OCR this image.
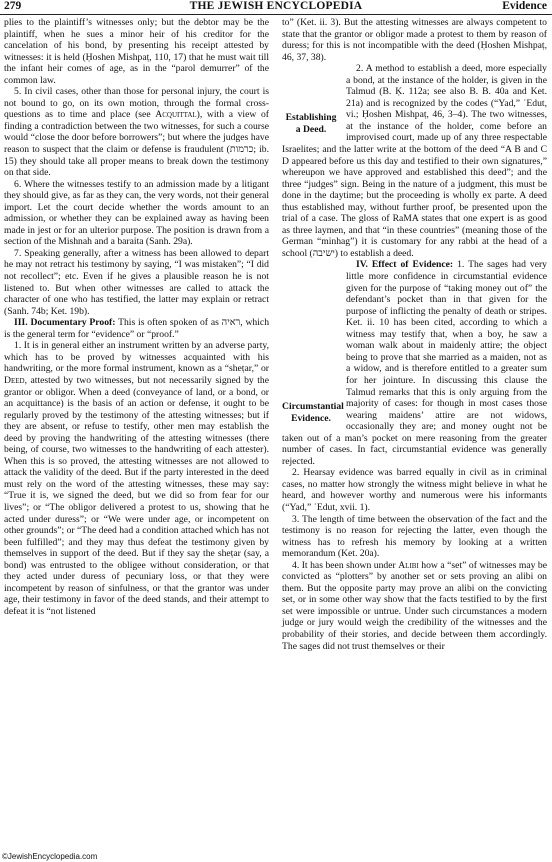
279	THE JEWISH ENCYCLOPEDIA	Evidence

plies to the plaintiff’s witnesses only; but the debtor may be the plaintiff, when he sues a minor heir of his creditor for the cancelation of his bond, by presenting his receipt attested by witnesses: it is held (Ḥoshen Mishpaṭ, 110, 17) that he must wait till the infant heir comes of age, as in the “parol demurrer” of the common law.

5. In civil cases, other than those for personal injury, the court is not bound to go, on its own motion, through the formal cross-questions as to time and place (see Acquittal), with a view of finding a contradiction between the two witnesses, for such a course would “close the door before borrowers”; but where the judges have reason to suspect that the claim or defense is fraudulent (כרמות; ib. 15) they should take all proper means to break down the testimony on that side.

6. Where the witnesses testify to an admission made by a litigant they should give, as far as they can, the very words, not their general import. Let the court decide whether the words amount to an admission, or whether they can be explained away as having been made in jest or for an ulterior purpose. The position is drawn from a section of the Mishnah and a baraita (Sanh. 29a).

7. Speaking generally, after a witness has been allowed to depart he may not retract his testimony by saying, “I was mistaken”; “I did not recollect”; etc. Even if he gives a plausible reason he is not listened to. But when other witnesses are called to attack the character of one who has testified, the latter may explain or retract (Sanh. 74b; Ket. 19b).

III. Documentary Proof: This is often spoken of as ראיה, which is the general term for “evidence” or “proof.”

1. It is in general either an instrument written by an adverse party, which has to be proved by witnesses acquainted with his handwriting, or the more formal instrument, known as a “sheṭar,” or Deed, attested by two witnesses, but not necessarily signed by the grantor or obligor. When a deed (conveyance of land, or a bond, or an acquittance) is the basis of an action or defense, it ought to be regularly proved by the testimony of the attesting witnesses; but if they are absent, or refuse to testify, other men may establish the deed by proving the handwriting of the attesting witnesses (there being, of course, two witnesses to the handwriting of each attester). When this is so proved, the attesting witnesses are not allowed to attack the validity of the deed. But if the party interested in the deed must rely on the word of the attesting witnesses, these may say: “True it is, we signed the deed, but we did so from fear for our lives”; or “The obligor delivered a protest to us, showing that he acted under duress”; or “We were under age, or incompetent on other grounds”; or “The deed had a condition attached which has not been fulfilled”; and they may thus defeat the testimony given by themselves in support of the deed. But if they say the sheṭar (say, a bond) was entrusted to the obligee without consideration, or that they acted under duress of pecuniary loss, or that they were incompetent by reason of sinfulness, or that the grantor was under age, their testimony in favor of the deed stands, and their attempt to defeat it is “not listened

to” (Ket. ii. 3). But the attesting witnesses are always competent to state that the grantor or obligor made a protest to them by reason of duress; for this is not incompatible with the deed (Ḥoshen Mishpaṭ, 46, 37, 38).

Establishing
a Deed.

2. A method to establish a deed, more especially a bond, at the instance of the holder, is given in the Talmud (B. Ḳ. 112a; see also B. B. 40a and Ket. 21a) and is recognized by the codes (“Yad,” ʿEdut, vi.; Ḥoshen Mishpaṭ, 46, 3–4). The two witnesses, at the instance of the holder, come before an improvised court, made up of any three respectable Israelites; and the latter write at the bottom of the deed “A B and C D appeared before us this day and testified to their own signatures,” whereupon we have approved and established this deed”; and the three “judges” sign. Being in the nature of a judgment, this must be done in the daytime; but the proceeding is wholly ex parte. A deed thus established may, without further proof, be presented upon the trial of a case. The gloss of RaMA states that one expert is as good as three laymen, and that “in these countries” (meaning those of the German “minhag”) it is customary for any rabbi at the head of a school (ישיבה) to establish a deed.

Circumstantial
Evidence.

IV. Effect of Evidence: 1. The sages had very little more confidence in circumstantial evidence given for the purpose of “taking money out of” the defendant’s pocket than in that given for the purpose of inflicting the penalty of death or stripes. Ket. ii. 10 has been cited, according to which a witness may testify that, when a boy, he saw a woman walk about in maidenly attire; the object being to prove that she married as a maiden, not as a widow, and is therefore entitled to a greater sum for her jointure. In discussing this clause the Talmud remarks that this is only arguing from the majority of cases: for though in most cases those wearing maidens’ attire are not widows, occasionally they are; and money ought not be taken out of a man’s pocket on mere reasoning from the greater number of cases. In fact, circumstantial evidence was generally rejected.

2. Hearsay evidence was barred equally in civil as in criminal cases, no matter how strongly the witness might believe in what he heard, and however worthy and numerous were his informants (“Yad,” ʿEdut, xvii. 1).

3. The length of time between the observation of the fact and the testimony is no reason for rejecting the latter, even though the witness has to refresh his memory by looking at a written memorandum (Ket. 20a).

4. It has been shown under Alibi how a “set” of witnesses may be convicted as “plotters” by another set or sets proving an alibi on them. But the opposite party may prove an alibi on the convicting set, or in some other way show that the facts testified to by the first set were impossible or untrue. Under such circumstances a modern judge or jury would weigh the credibility of the witnesses and the probability of their stories, and decide between them accordingly. The sages did not trust themselves or their

©JewishEncyclopedia.com
